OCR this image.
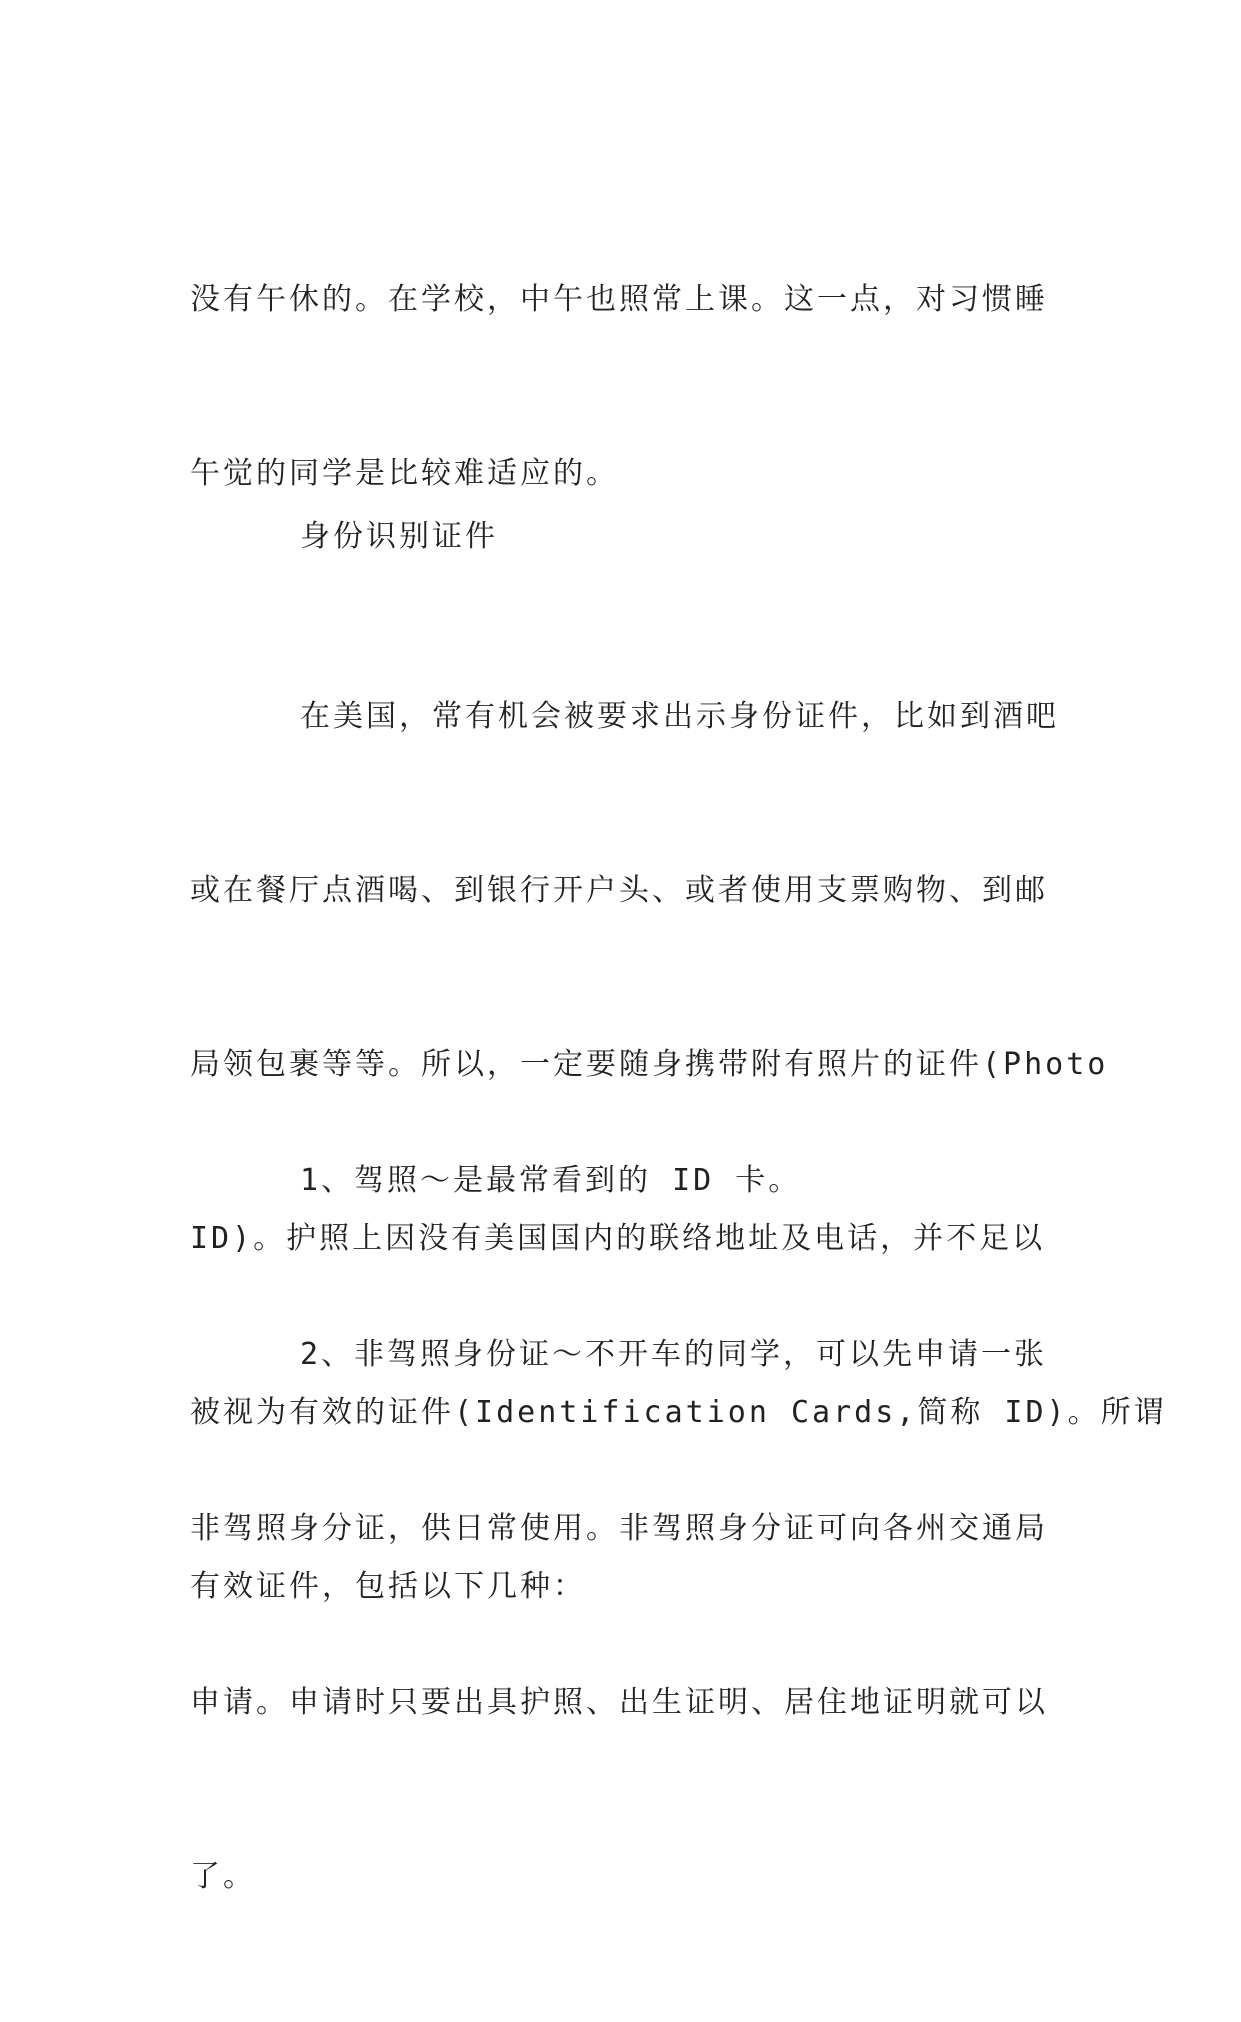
没有午休的。在学校，中午也照常上课。这一点，对习惯睡

午觉的同学是比较难适应的。

身份识别证件

在美国，常有机会被要求出示身份证件，比如到酒吧

或在餐厅点酒喝、到银行开户头、或者使用支票购物、到邮

局领包裹等等。所以，一定要随身携带附有照片的证件(Photo

ID)。护照上因没有美国国内的联络地址及电话，并不足以

被视为有效的证件(Identification Cards,简称 ID)。所谓

有效证件，包括以下几种：

1、驾照～是最常看到的 ID 卡。

2、非驾照身份证～不开车的同学，可以先申请一张

非驾照身分证，供日常使用。非驾照身分证可向各州交通局

申请。申请时只要出具护照、出生证明、居住地证明就可以

了。
